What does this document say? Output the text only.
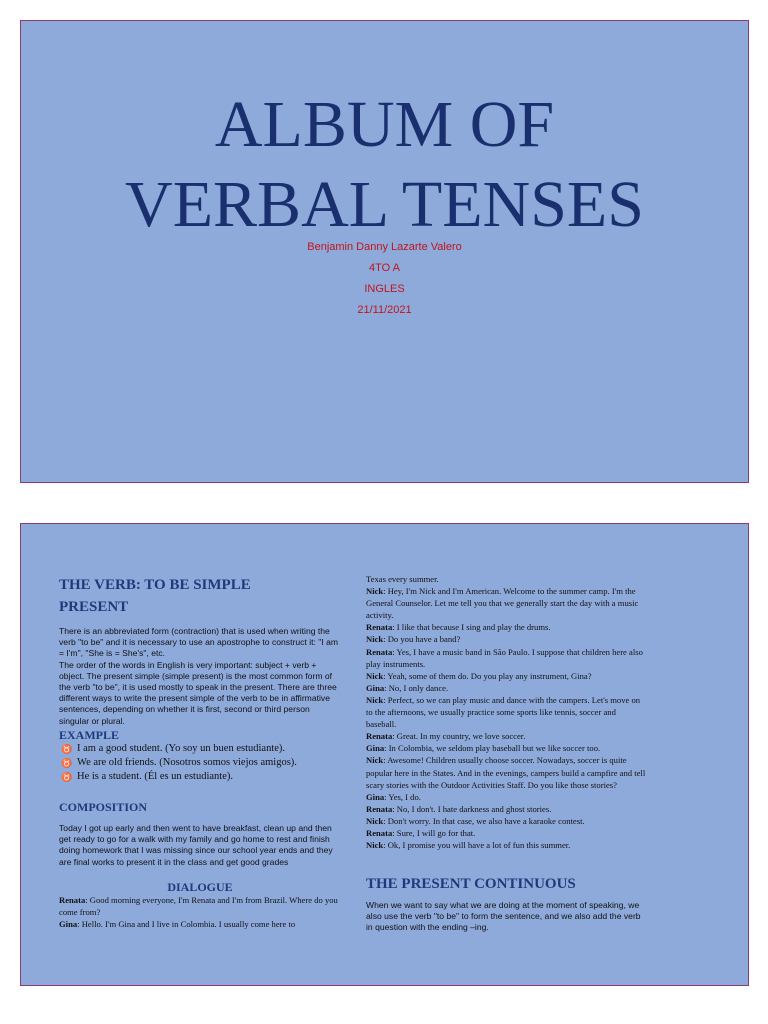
ALBUM OF
VERBAL TENSES
Benjamin Danny Lazarte Valero
4TO A
INGLES
21/11/2021
THE VERB: TO BE SIMPLE PRESENT

There is an abbreviated form (contraction) that is used when writing the verb "to be" and it is necessary to use an apostrophe to construct it: "I am = I'm", "She is = She's", etc.
The order of the words in English is very important: subject + verb + object. The present simple (simple present) is the most common form of the verb "to be", it is used mostly to speak in the present. There are three different ways to write the present simple of the verb to be in affirmative sentences, depending on whether it is first, second or third person singular or plural.

EXAMPLE
♉ I am a good student. (Yo soy un buen estudiante).
♉ We are old friends. (Nosotros somos viejos amigos).
♉ He is a student. (Él es un estudiante).
COMPOSITION

Today I got up early and then went to have breakfast, clean up and then get ready to go for a walk with my family and go home to rest and finish doing homework that I was missing since our school year ends and they are final works to present it in the class and get good grades

DIALOGUE
Renata: Good morning everyone, I'm Renata and I'm from Brazil. Where do you come from?
Gina: Hello. I'm Gina and I live in Colombia. I usually come here to
Texas every summer.
Nick: Hey, I'm Nick and I'm American. Welcome to the summer camp. I'm the General Counselor. Let me tell you that we generally start the day with a music activity.
Renata: I like that because I sing and play the drums.
Nick: Do you have a band?
Renata: Yes, I have a music band in São Paulo. I suppose that children here also play instruments.
Nick: Yeah, some of them do. Do you play any instrument, Gina?
Gina: No, I only dance.
Nick: Perfect, so we can play music and dance with the campers. Let's move on to the afternoons, we usually practice some sports like tennis, soccer and baseball.
Renata: Great. In my country, we love soccer.
Gina: In Colombia, we seldom play baseball but we like soccer too.
Nick: Awesome! Children usually choose soccer. Nowadays, soccer is quite popular here in the States. And in the evenings, campers build a campfire and tell scary stories with the Outdoor Activities Staff. Do you like those stories?
Gina: Yes, I do.
Renata: No, I don't. I hate darkness and ghost stories.
Nick: Don't worry. In that case, we also have a karaoke contest.
Renata: Sure, I will go for that.
Nick: Ok, I promise you will have a lot of fun this summer.
THE PRESENT CONTINUOUS

When we want to say what we are doing at the moment of speaking, we also use the verb "to be" to form the sentence, and we also add the verb in question with the ending –ing.
